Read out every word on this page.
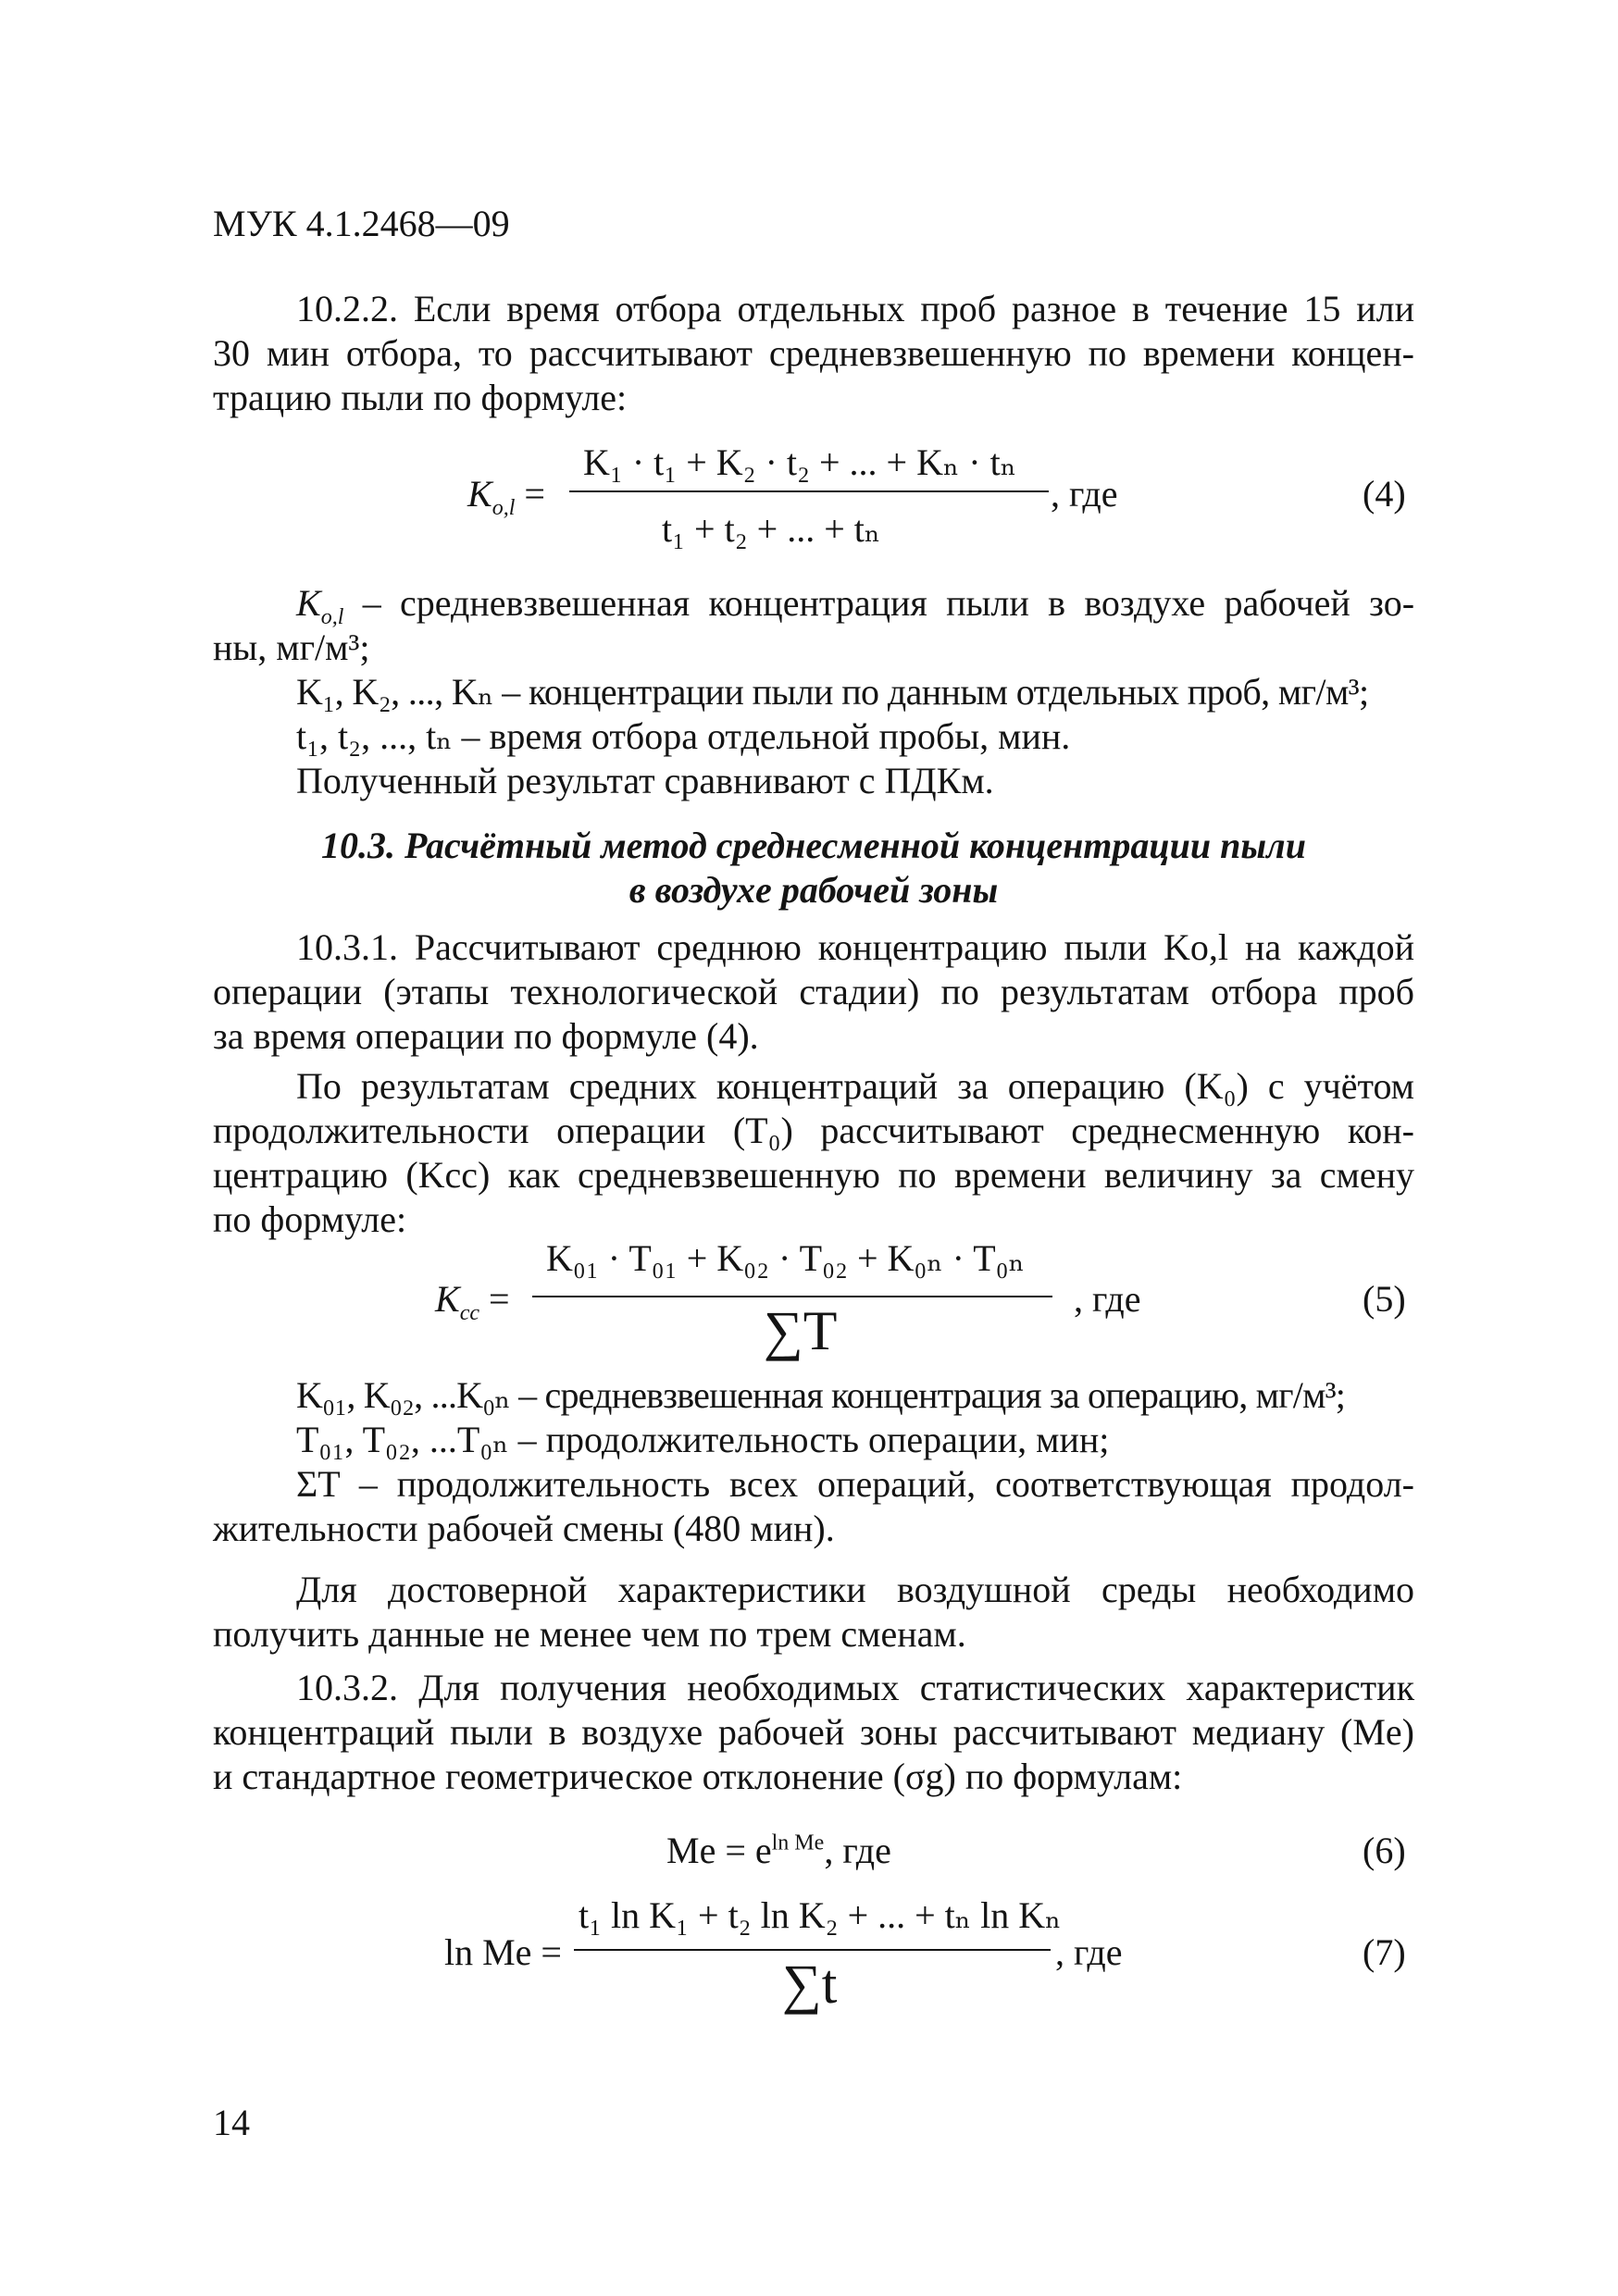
МУК 4.1.2468—09
10.2.2. Если время отбора отдельных проб разное в течение 15 или
30 мин отбора, то рассчитывают средневзвешенную по времени концен-
трацию пыли по формуле:
$K_{o,l}$ =
K₁ · t₁ + K₂ · t₂ + ... + Kₙ · tₙ
t₁ + t₂ + ... + tₙ
, где	(4)
$K_{o,l}$ – средневзвешенная концентрация пыли в воздухе рабочей зо-
ны, мг/м³;
K₁, K₂, ..., Kₙ – концентрации пыли по данным отдельных проб, мг/м³;
t₁, t₂, ..., tₙ – время отбора отдельной пробы, мин.
Полученный результат сравнивают с ПДКм.
10.3. Расчётный метод среднесменной концентрации пыли
в воздухе рабочей зоны
10.3.1. Рассчитывают среднюю концентрацию пыли Ko,l на каждой
операции (этапы технологической стадии) по результатам отбора проб
за время операции по формуле (4).
По результатам средних концентраций за операцию (K₀) с учётом
продолжительности операции (T₀) рассчитывают среднесменную кон-
центрацию (Kсс) как средневзвешенную по времени величину за смену
по формуле:
$K_{cc}$ =
K₀₁ · T₀₁ + K₀₂ · T₀₂ + K₀ₙ · T₀ₙ
∑T
, где	(5)
K₀₁, K₀₂, ...K₀ₙ – средневзвешенная концентрация за операцию, мг/м³;
T₀₁, T₀₂, ...T₀ₙ – продолжительность операции, мин;
ΣT – продолжительность всех операций, соответствующая продол-
жительности рабочей смены (480 мин).
Для достоверной характеристики воздушной среды необходимо
получить данные не менее чем по трем сменам.
10.3.2. Для получения необходимых статистических характеристик
концентраций пыли в воздухе рабочей зоны рассчитывают медиану (Me)
и стандартное геометрическое отклонение (σg) по формулам:
$Me = e^{ln Me}$, где	(6)
ln Me =
t₁ ln K₁ + t₂ ln K₂ + ... + tₙ ln Kₙ
∑t
, где	(7)
14
